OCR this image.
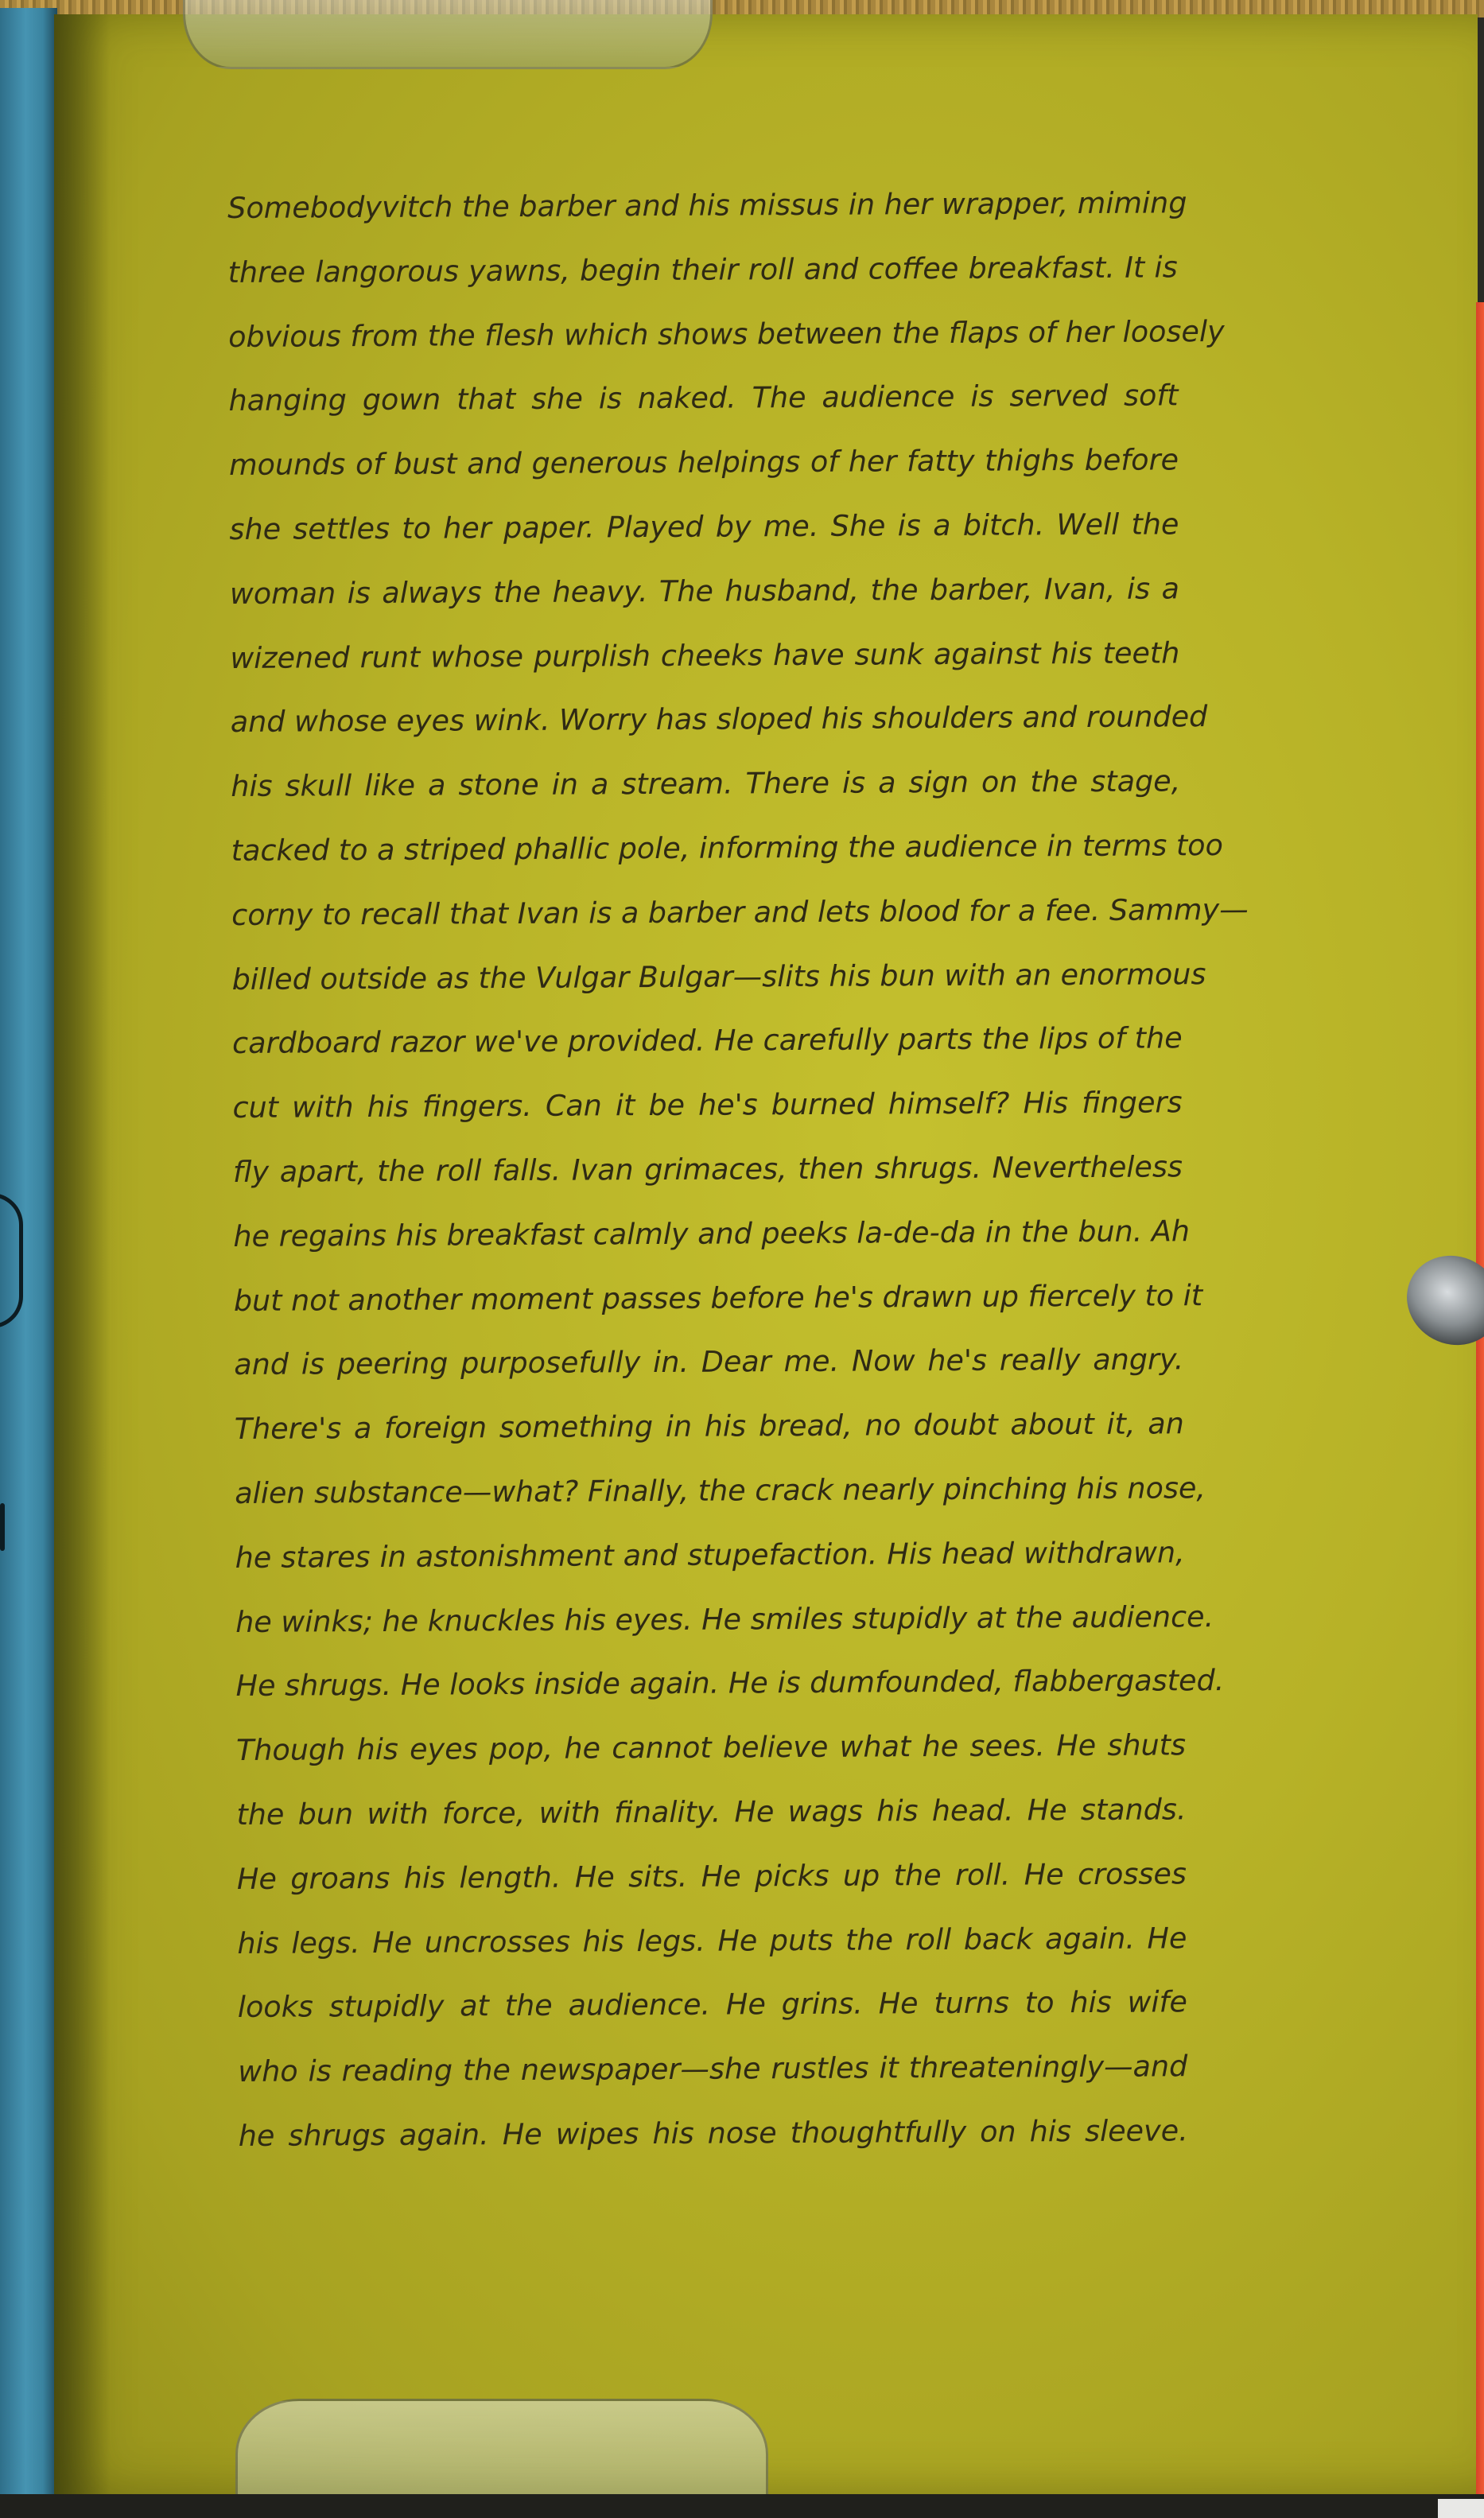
Somebodyvitch the barber and his missus in her wrapper, miming
three langorous yawns, begin their roll and coffee breakfast. It is
obvious from the flesh which shows between the flaps of her loosely
hanging gown that she is naked. The audience is served soft
mounds of bust and generous helpings of her fatty thighs before
she settles to her paper. Played by me. She is a bitch. Well the
woman is always the heavy. The husband, the barber, Ivan, is a
wizened runt whose purplish cheeks have sunk against his teeth
and whose eyes wink. Worry has sloped his shoulders and rounded
his skull like a stone in a stream. There is a sign on the stage,
tacked to a striped phallic pole, informing the audience in terms too
corny to recall that Ivan is a barber and lets blood for a fee. Sammy—
billed outside as the Vulgar Bulgar—slits his bun with an enormous
cardboard razor we've provided. He carefully parts the lips of the
cut with his fingers. Can it be he's burned himself? His fingers
fly apart, the roll falls. Ivan grimaces, then shrugs. Nevertheless
he regains his breakfast calmly and peeks la-de-da in the bun. Ah
but not another moment passes before he's drawn up fiercely to it
and is peering purposefully in. Dear me. Now he's really angry.
There's a foreign something in his bread, no doubt about it, an
alien substance—what? Finally, the crack nearly pinching his nose,
he stares in astonishment and stupefaction. His head withdrawn,
he winks; he knuckles his eyes. He smiles stupidly at the audience.
He shrugs. He looks inside again. He is dumfounded, flabbergasted.
Though his eyes pop, he cannot believe what he sees. He shuts
the bun with force, with finality. He wags his head. He stands.
He groans his length. He sits. He picks up the roll. He crosses
his legs. He uncrosses his legs. He puts the roll back again. He
looks stupidly at the audience. He grins. He turns to his wife
who is reading the newspaper—she rustles it threateningly—and
he shrugs again. He wipes his nose thoughtfully on his sleeve.
